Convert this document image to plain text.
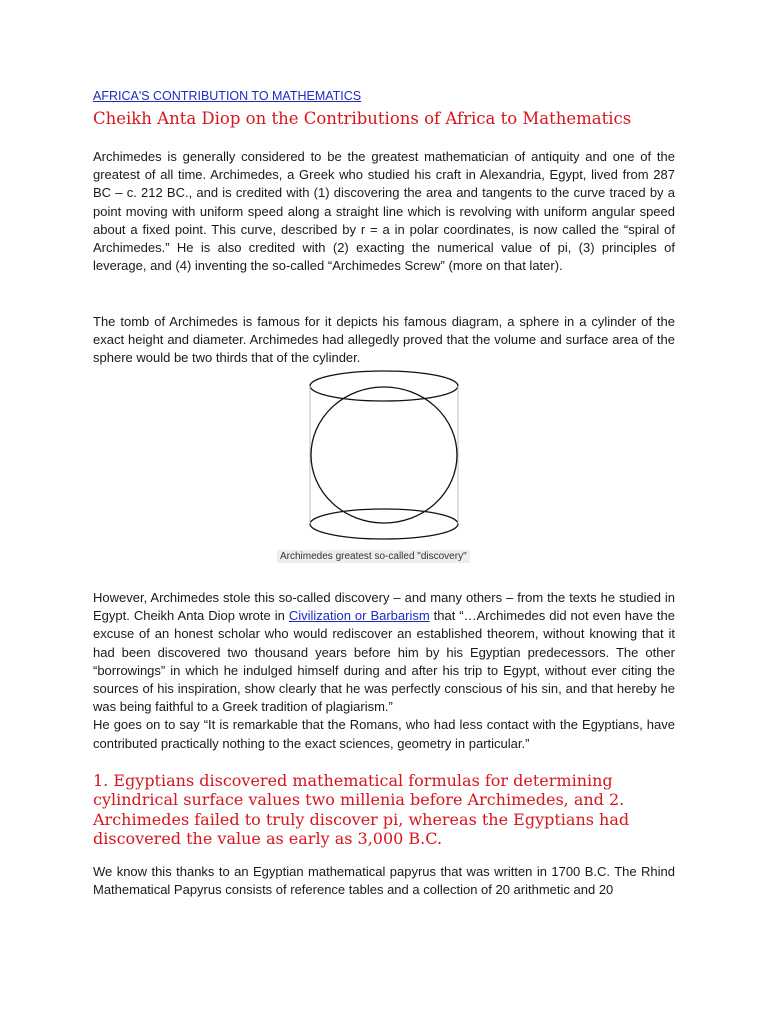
AFRICA'S CONTRIBUTION TO MATHEMATICS
Cheikh Anta Diop on the Contributions of Africa to Mathematics

Archimedes is generally considered to be the greatest mathematician of antiquity and one of the greatest of all time. Archimedes, a Greek who studied his craft in Alexandria, Egypt, lived from 287 BC – c. 212 BC., and is credited with (1) discovering the area and tangents to the curve traced by a point moving with uniform speed along a straight line which is revolving with uniform angular speed about a fixed point. This curve, described by r = a in polar coordinates, is now called the “spiral of Archimedes.” He is also credited with (2) exacting the numerical value of pi, (3) principles of leverage, and (4) inventing the so-called “Archimedes Screw” (more on that later).

The tomb of Archimedes is famous for it depicts his famous diagram, a sphere in a cylinder of the exact height and diameter. Archimedes had allegedly proved that the volume and surface area of the sphere would be two thirds that of the cylinder.

Archimedes greatest so-called "discovery"

However, Archimedes stole this so-called discovery – and many others – from the texts he studied in Egypt. Cheikh Anta Diop wrote in Civilization or Barbarism that “…Archimedes did not even have the excuse of an honest scholar who would rediscover an established theorem, without knowing that it had been discovered two thousand years before him by his Egyptian predecessors. The other “borrowings” in which he indulged himself during and after his trip to Egypt, without ever citing the sources of his inspiration, show clearly that he was perfectly conscious of his sin, and that hereby he was being faithful to a Greek tradition of plagiarism.”
He goes on to say “It is remarkable that the Romans, who had less contact with the Egyptians, have contributed practically nothing to the exact sciences, geometry in particular.”

1. Egyptians discovered mathematical formulas for determining cylindrical surface values two millenia before Archimedes, and 2. Archimedes failed to truly discover pi, whereas the Egyptians had discovered the value as early as 3,000 B.C.

We know this thanks to an Egyptian mathematical papyrus that was written in 1700 B.C. The Rhind Mathematical Papyrus consists of reference tables and a collection of 20 arithmetic and 20
